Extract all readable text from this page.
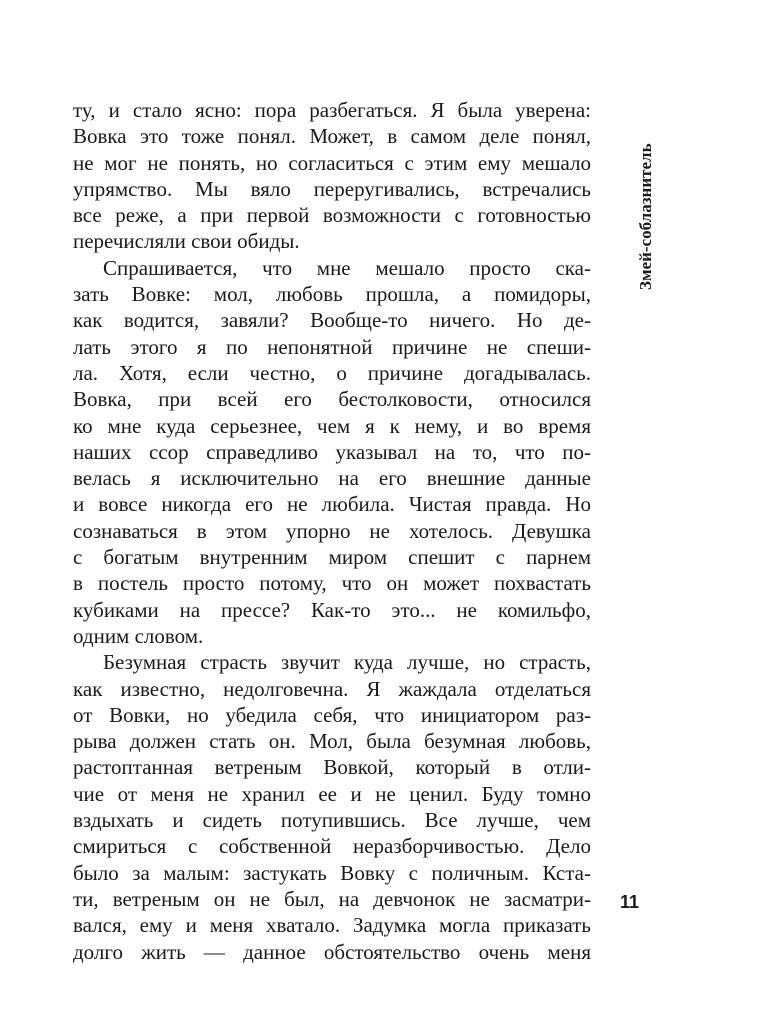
ту, и стало ясно: пора разбегаться. Я была уверена:
Вовка это тоже понял. Может, в самом деле понял,
не мог не понять, но согласиться с этим ему мешало
упрямство. Мы вяло переругивались, встречались
все реже, а при первой возможности с готовностью
перечисляли свои обиды.
Спрашивается, что мне мешало просто ска-
зать Вовке: мол, любовь прошла, а помидоры,
как водится, завяли? Вообще-то ничего. Но де-
лать этого я по непонятной причине не спеши-
ла. Хотя, если честно, о причине догадывалась.
Вовка, при всей его бестолковости, относился
ко мне куда серьезнее, чем я к нему, и во время
наших ссор справедливо указывал на то, что по-
велась я исключительно на его внешние данные
и вовсе никогда его не любила. Чистая правда. Но
сознаваться в этом упорно не хотелось. Девушка
с богатым внутренним миром спешит с парнем
в постель просто потому, что он может похвастать
кубиками на прессе? Как-то это... не комильфо,
одним словом.
Безумная страсть звучит куда лучше, но страсть,
как известно, недолговечна. Я жаждала отделаться
от Вовки, но убедила себя, что инициатором раз-
рыва должен стать он. Мол, была безумная любовь,
растоптанная ветреным Вовкой, который в отли-
чие от меня не хранил ее и не ценил. Буду томно
вздыхать и сидеть потупившись. Все лучше, чем
смириться с собственной неразборчивостью. Дело
было за малым: застукать Вовку с поличным. Кста-
ти, ветреным он не был, на девчонок не засматри-
вался, ему и меня хватало. Задумка могла приказать
долго жить — данное обстоятельство очень меня
Змей-соблазнитель
11
